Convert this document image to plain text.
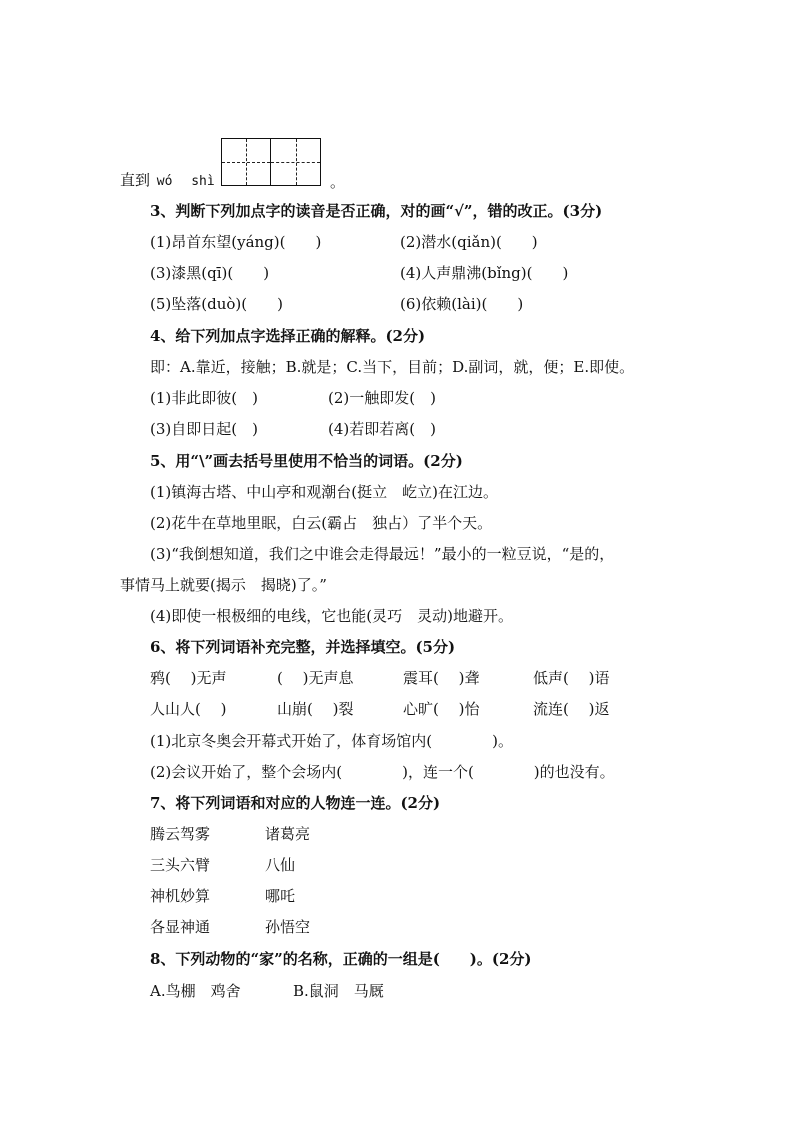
直到 wó shì	。
3、判断下列加点字的读音是否正确，对的画“√”，错的改正。(3分)
(1)昂首东望(yáng)(　　)	(2)潜水(qiǎn)(　　)
(3)漆黑(qī)(　　)	(4)人声鼎沸(bǐng)(　　)
(5)坠落(duò)(　　)	(6)依赖(lài)(　　)
4、给下列加点字选择正确的解释。(2分)
即：A.靠近，接触；B.就是；C.当下，目前；D.副词，就，便；E.即使。
(1)非此即彼(　)	(2)一触即发(　)
(3)自即日起(　)	(4)若即若离(　)
5、用“\”画去括号里使用不恰当的词语。(2分)
(1)镇海古塔、中山亭和观潮台(挺立　屹立)在江边。
(2)花牛在草地里眠，白云(霸占　独占）了半个天。
(3)“我倒想知道，我们之中谁会走得最远！”最小的一粒豆说，“是的，
事情马上就要(揭示　揭晓)了。”
(4)即使一根极细的电线，它也能(灵巧　灵动)地避开。
6、将下列词语补充完整，并选择填空。(5分)
鸦(　 )无声	(　 )无声息	震耳(　 )聋	低声(　 )语
人山人(　 )	山崩(　 )裂	心旷(　 )怡	流连(　 )返
(1)北京冬奥会开幕式开始了，体育场馆内(　　　　)。
(2)会议开始了，整个会场内(　　　　)，连一个(　　　　)的也没有。
7、将下列词语和对应的人物连一连。(2分)
腾云驾雾	诸葛亮
三头六臂	八仙
神机妙算	哪吒
各显神通	孙悟空
8、下列动物的“家”的名称，正确的一组是(　　)。(2分)
A.鸟棚　鸡舍	B.鼠洞　马厩
